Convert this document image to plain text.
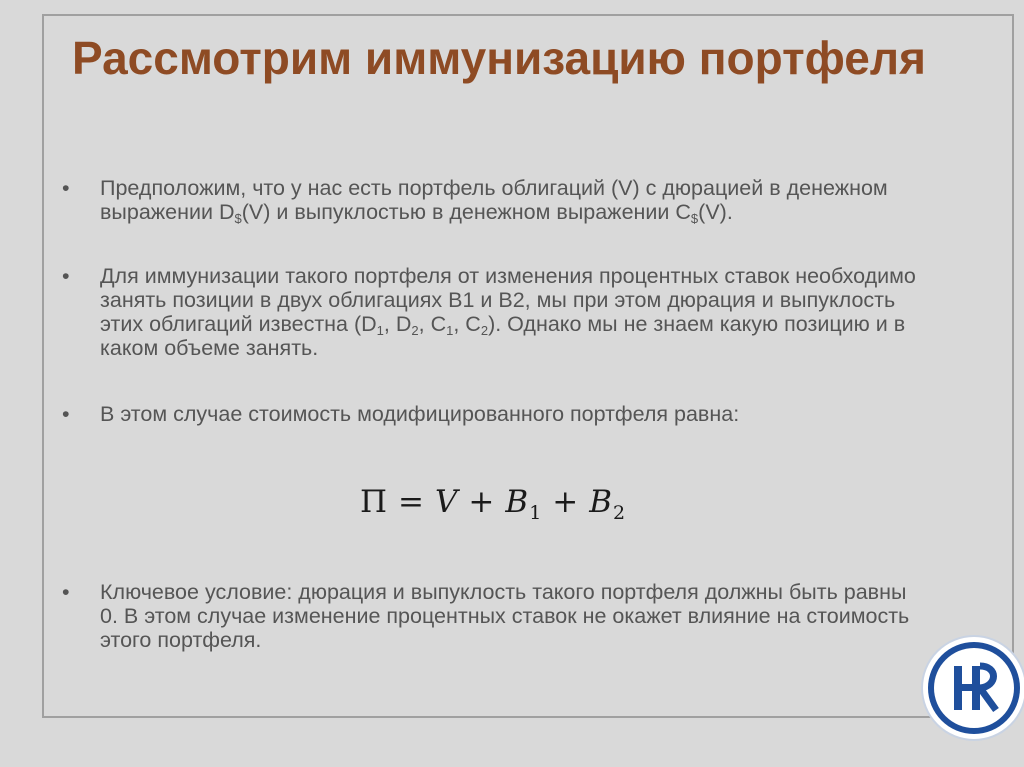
Рассмотрим иммунизацию портфеля
• Предположим, что у нас есть портфель облигаций (V) с дюрацией в денежном выражении $D_{\$}(V)$ и выпуклостью в денежном выражении $C_{\$}(V)$.
• Для иммунизации такого портфеля от изменения процентных ставок необходимо занять позиции в двух облигациях B1 и B2, мы при этом дюрация и выпуклость этих облигаций известна ($D_1$, $D_2$, $C_1$, $C_2$). Однако мы не знаем какую позицию и в каком объеме занять.
• В этом случае стоимость модифицированного портфеля равна:
$\Pi = V + B_1 + B_2$
• Ключевое условие: дюрация и выпуклость такого портфеля должны быть равны 0. В этом случае изменение процентных ставок не окажет влияние на стоимость этого портфеля.
